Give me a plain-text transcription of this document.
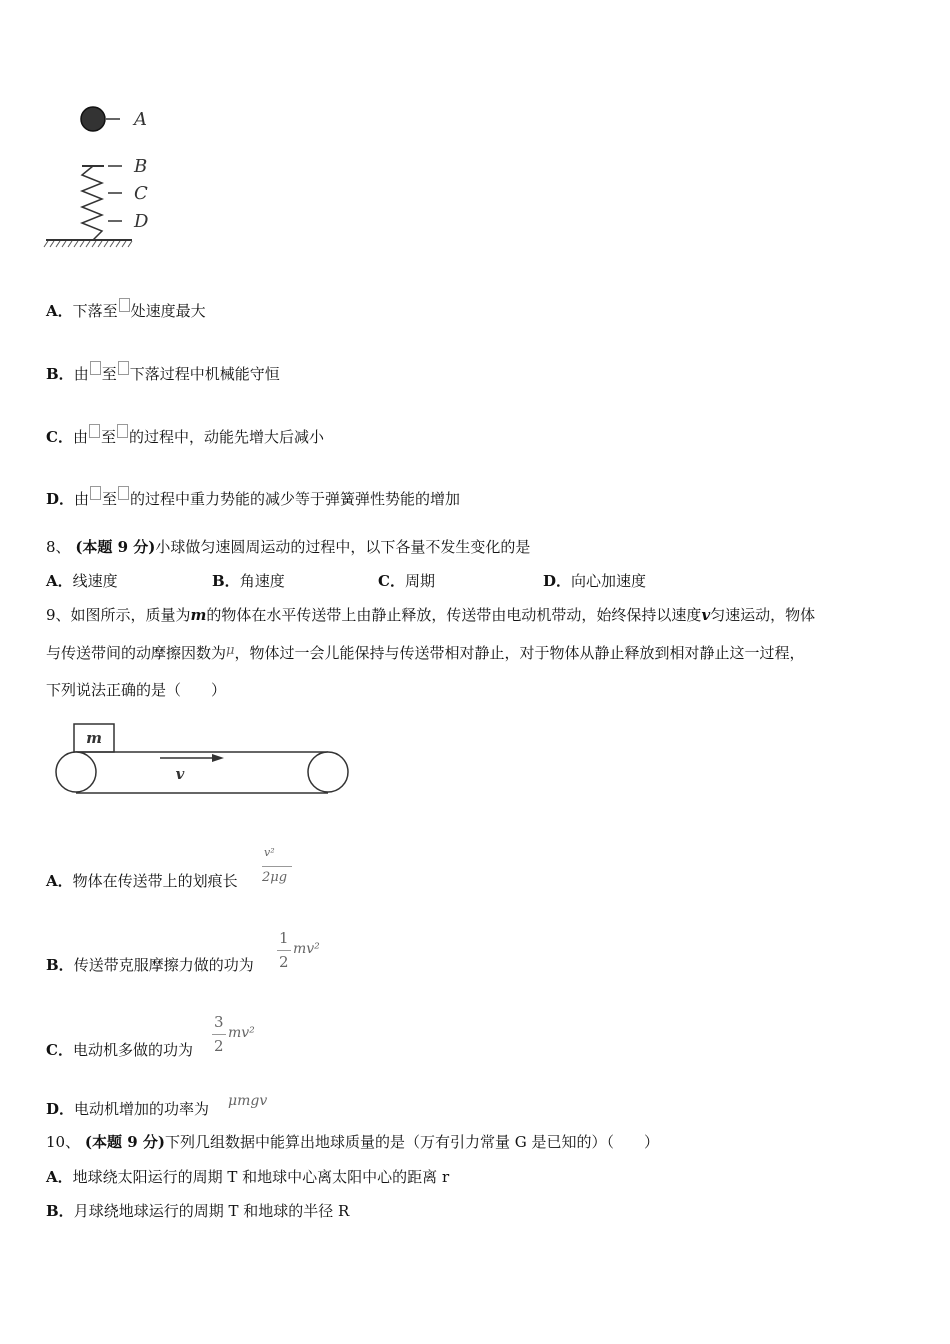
A
B
C
D
A．下落至 处速度最大
B．由 至 下落过程中机械能守恒
C．由 至 的过程中，动能先增大后减小
D．由 至 的过程中重力势能的减少等于弹簧弹性势能的增加
8、 (本题 9 分)小球做匀速圆周运动的过程中，以下各量不发生变化的是
A．线速度	B．角速度	C．周期	D．向心加速度
9、如图所示，质量为m的物体在水平传送带上由静止释放，传送带由电动机带动，始终保持以速度v匀速运动，物体
与传送带间的动摩擦因数为μ，物体过一会儿能保持与传送带相对静止，对于物体从静止释放到相对静止这一过程，
下列说法正确的是（　　）
m
v
A．物体在传送带上的划痕长
v²
2μg
B．传送带克服摩擦力做的功为
1
2
mv²
C．电动机多做的功为
3
2
mv²
D．电动机增加的功率为 μmgv
10、 (本题 9 分)下列几组数据中能算出地球质量的是（万有引力常量 G 是已知的）（　　）
A．地球绕太阳运行的周期 T 和地球中心离太阳中心的距离 r
B．月球绕地球运行的周期 T 和地球的半径 R
